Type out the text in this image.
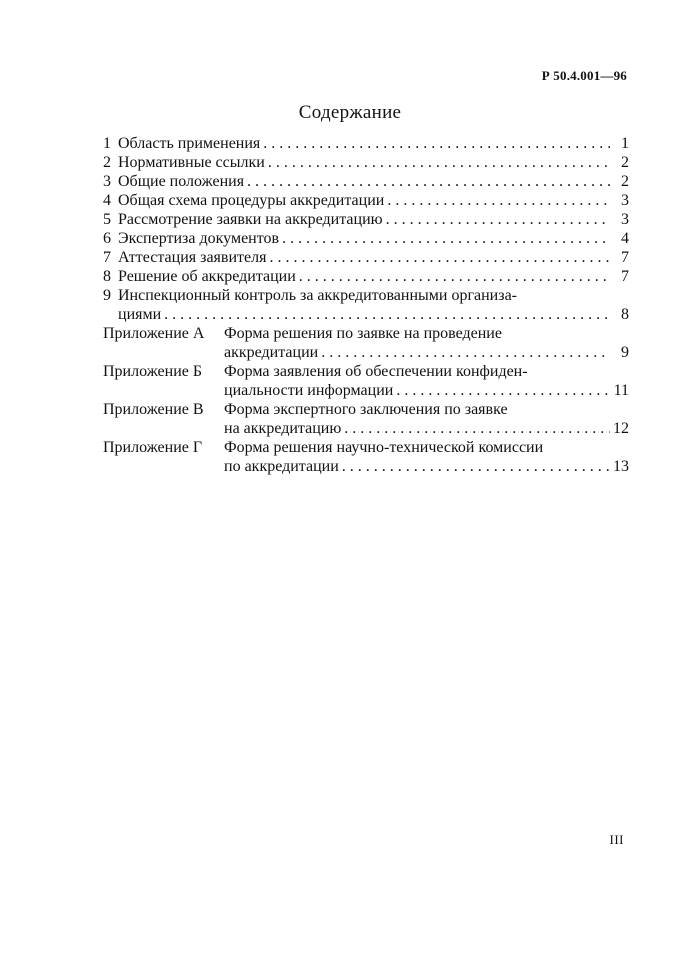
Р 50.4.001—96
Содержание
1 Область применения . . .	1
2 Нормативные ссылки . . .	2
3 Общие положения . . .	2
4 Общая схема процедуры аккредитации . . .	3
5 Рассмотрение заявки на аккредитацию . . .	3
6 Экспертиза документов . . .	4
7 Аттестация заявителя . . .	7
8 Решение об аккредитации . . .	7
9 Инспекционный контроль за аккредитованными организа-
циями . . .	8
Приложение А	Форма решения по заявке на проведение
аккредитации . . .	9
Приложение Б	Форма заявления об обеспечении конфиден-
циальности информации . . .	11
Приложение В	Форма экспертного заключения по заявке
на аккредитацию . . .	12
Приложение Г	Форма решения научно-технической комиссии
по аккредитации . . .	13
III
